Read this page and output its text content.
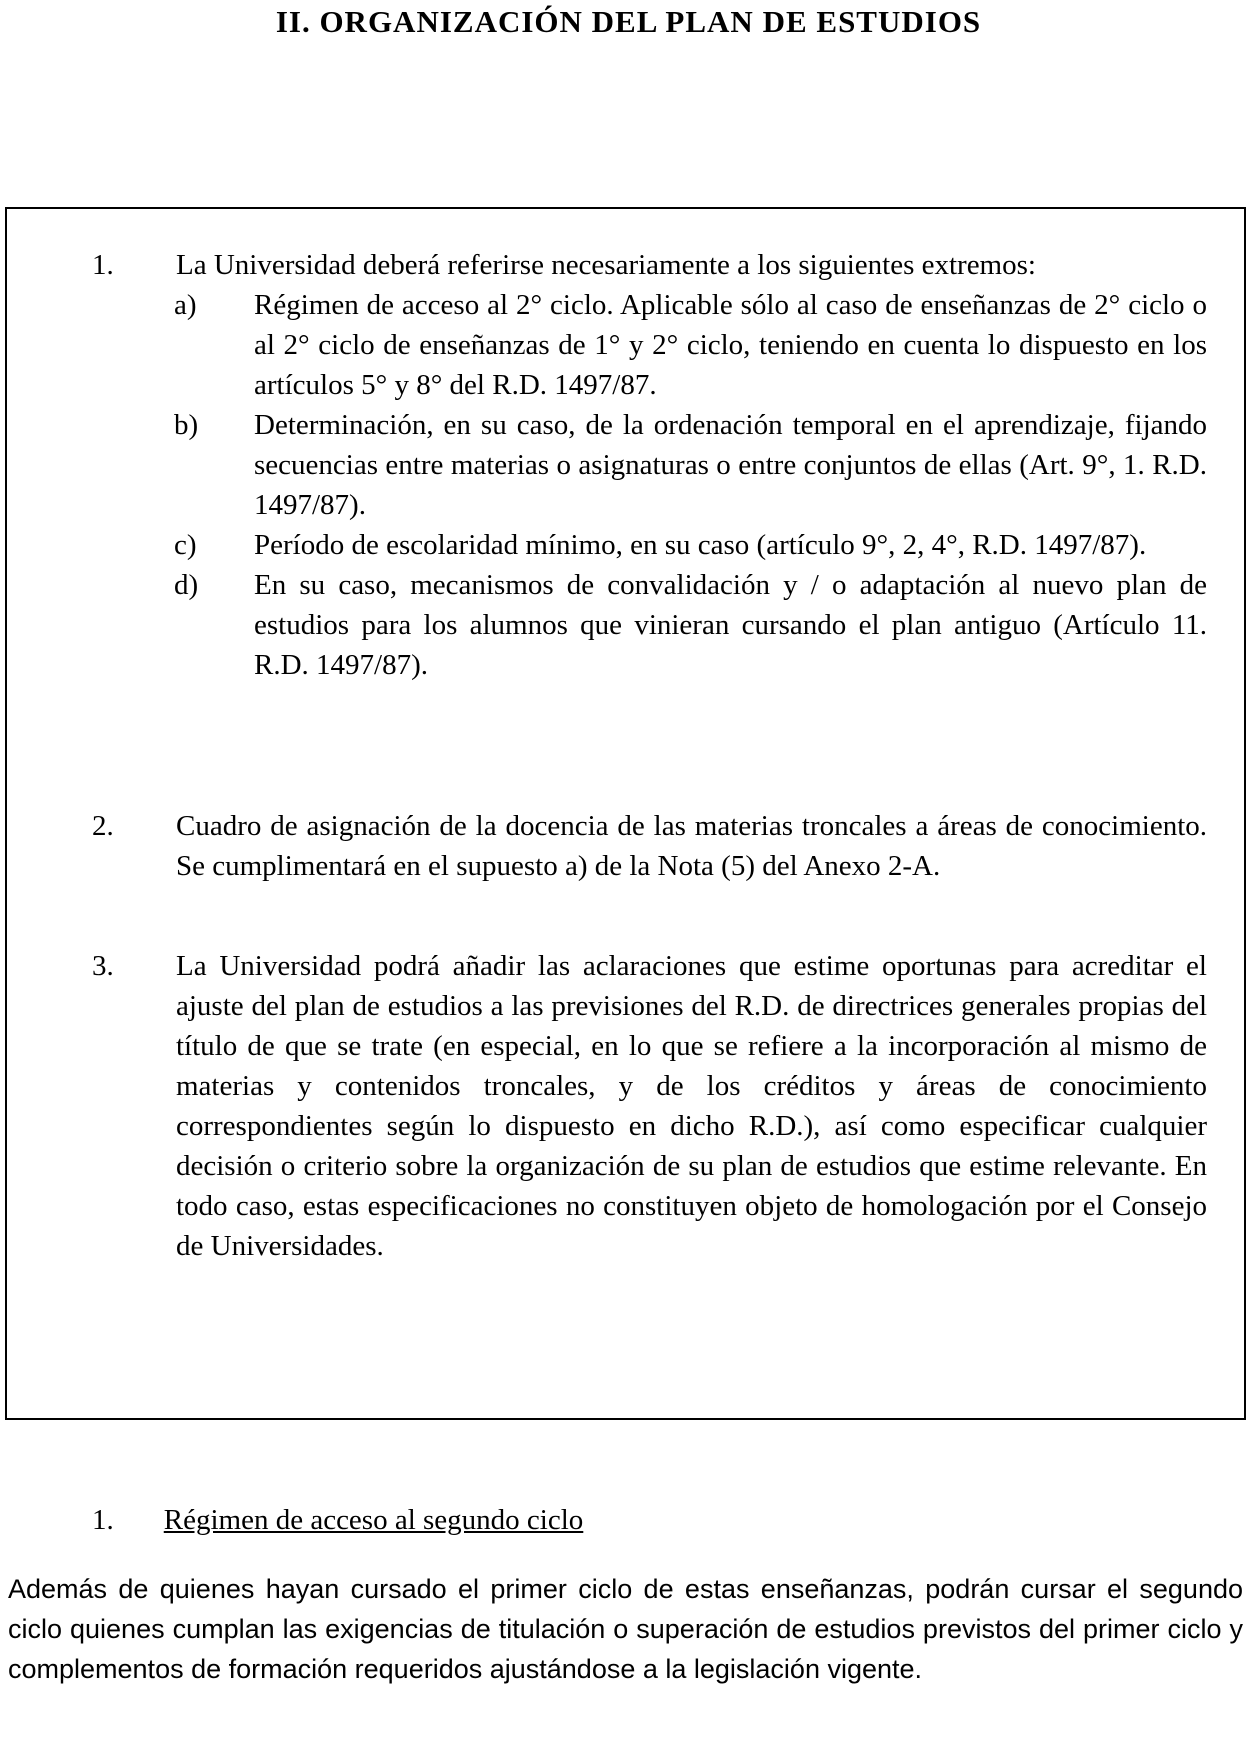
II. ORGANIZACIÓN DEL PLAN DE ESTUDIOS
1. La Universidad deberá referirse necesariamente a los siguientes extremos:
a) Régimen de acceso al 2° ciclo. Aplicable sólo al caso de enseñanzas de 2° ciclo o al 2° ciclo de enseñanzas de 1° y 2° ciclo, teniendo en cuenta lo dispuesto en los artículos 5° y 8° del R.D. 1497/87.
b) Determinación, en su caso, de la ordenación temporal en el aprendizaje, fijando secuencias entre materias o asignaturas o entre conjuntos de ellas (Art. 9°, 1. R.D. 1497/87).
c) Período de escolaridad mínimo, en su caso (artículo 9°, 2, 4°, R.D. 1497/87).
d) En su caso, mecanismos de convalidación y / o adaptación al nuevo plan de estudios para los alumnos que vinieran cursando el plan antiguo (Artículo 11. R.D. 1497/87).
2. Cuadro de asignación de la docencia de las materias troncales a áreas de conocimiento. Se cumplimentará en el supuesto a) de la Nota (5) del Anexo 2-A.
3. La Universidad podrá añadir las aclaraciones que estime oportunas para acreditar el ajuste del plan de estudios a las previsiones del R.D. de directrices generales propias del título de que se trate (en especial, en lo que se refiere a la incorporación al mismo de materias y contenidos troncales, y de los créditos y áreas de conocimiento correspondientes según lo dispuesto en dicho R.D.), así como especificar cualquier decisión o criterio sobre la organización de su plan de estudios que estime relevante. En todo caso, estas especificaciones no constituyen objeto de homologación por el Consejo de Universidades.
1. Régimen de acceso al segundo ciclo
Además de quienes hayan cursado el primer ciclo de estas enseñanzas, podrán cursar el segundo ciclo quienes cumplan las exigencias de titulación o superación de estudios previstos del primer ciclo y complementos de formación requeridos ajustándose a la legislación vigente.
